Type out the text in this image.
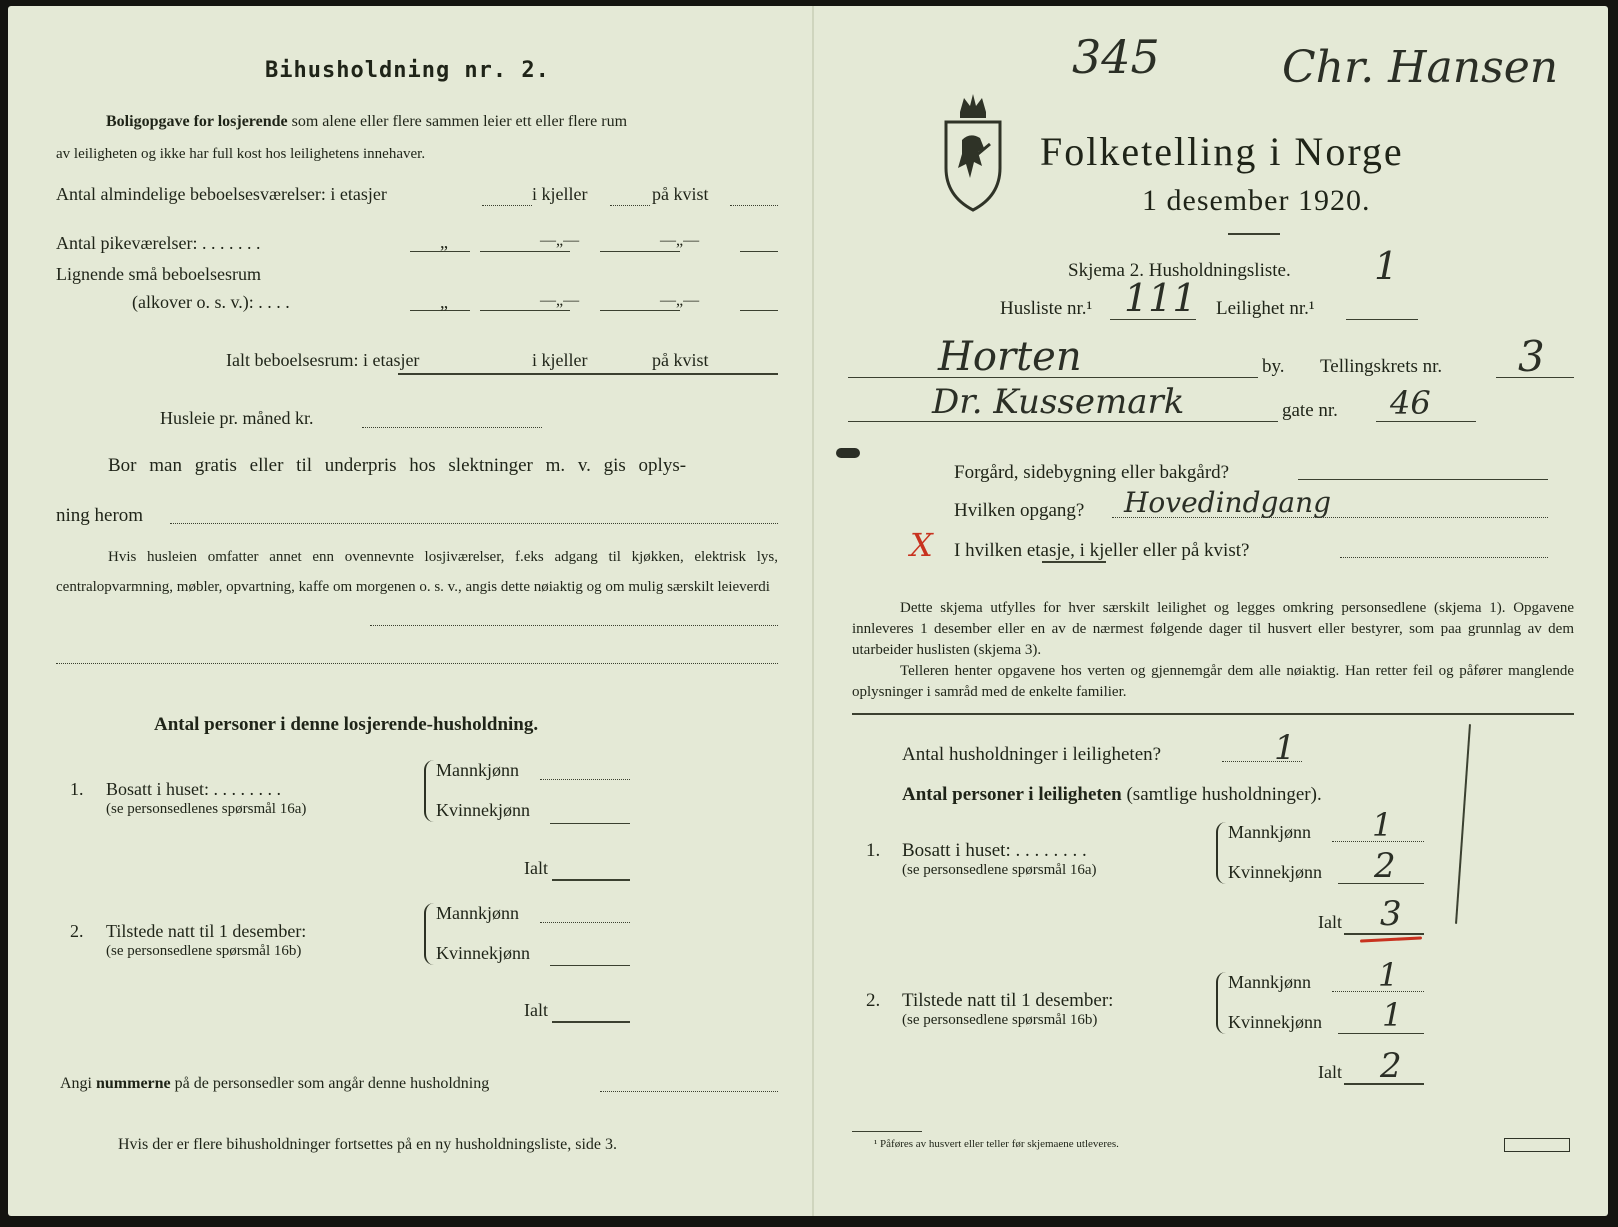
Bihusholdning nr. 2.
Boligopgave for losjerende som alene eller flere sammen leier ett eller flere rum
av leiligheten og ikke har full kost hos leilighetens innehaver.
Antal almindelige beboelsesværelser: i etasjer	i kjeller	på kvist
Antal pikeværelser: . . . . . . .	„	—„—	—„—
Lignende små beboelsesrum
(alkover o. s. v.): . . . .	„	—„—	—„—
Ialt beboelsesrum: i etasjer	i kjeller	på kvist
Husleie pr. måned kr.
Bor man gratis eller til underpris hos slektninger m. v. gis oplys-
ning herom
Hvis husleien omfatter annet enn ovennevnte losjiværelser, f.eks adgang til kjøkken, elektrisk lys, centralopvarmning, møbler, opvartning, kaffe om morgenen o. s. v., angis dette nøiaktig og om mulig særskilt leieverdi
Antal personer i denne losjerende-husholdning.
1. Bosatt i huset: . . . . . . . .
(se personsedlenes spørsmål 16a)
Mannkjønn
Kvinnekjønn
Ialt
2. Tilstede natt til 1 desember:
(se personsedlene spørsmål 16b)
Mannkjønn
Kvinnekjønn
Ialt
Angi nummerne på de personsedler som angår denne husholdning
Hvis der er flere bihusholdninger fortsettes på en ny husholdningsliste, side 3.
345	Chr. Hansen
Folketelling i Norge
1 desember 1920.
Skjema 2. Husholdningsliste. 1
Husliste nr.¹ 111 Leilighet nr.¹
Horten	by. Tellingskrets nr. 3
Dr. Kussemark	gate nr. 46
Forgård, sidebygning eller bakgård?
Hvilken opgang? Hovedindgang
X I hvilken etasje, i kjeller eller på kvist?
Dette skjema utfylles for hver særskilt leilighet og legges omkring personsedlene (skjema 1). Opgavene innleveres 1 desember eller en av de nærmest følgende dager til husvert eller bestyrer, som paa grunnlag av dem utarbeider huslisten (skjema 3).
Telleren henter opgavene hos verten og gjennemgår dem alle nøiaktig. Han retter feil og påfører manglende oplysninger i samråd med de enkelte familier.
Antal husholdninger i leiligheten?	1
Antal personer i leiligheten (samtlige husholdninger).
1. Bosatt i huset: . . . . . . . .
(se personsedlene spørsmål 16a)
Mannkjønn 1
Kvinnekjønn 2
Ialt 3
2. Tilstede natt til 1 desember:
(se personsedlene spørsmål 16b)
Mannkjønn 1
Kvinnekjønn 1
Ialt 2
¹ Påføres av husvert eller teller før skjemaene utleveres.
